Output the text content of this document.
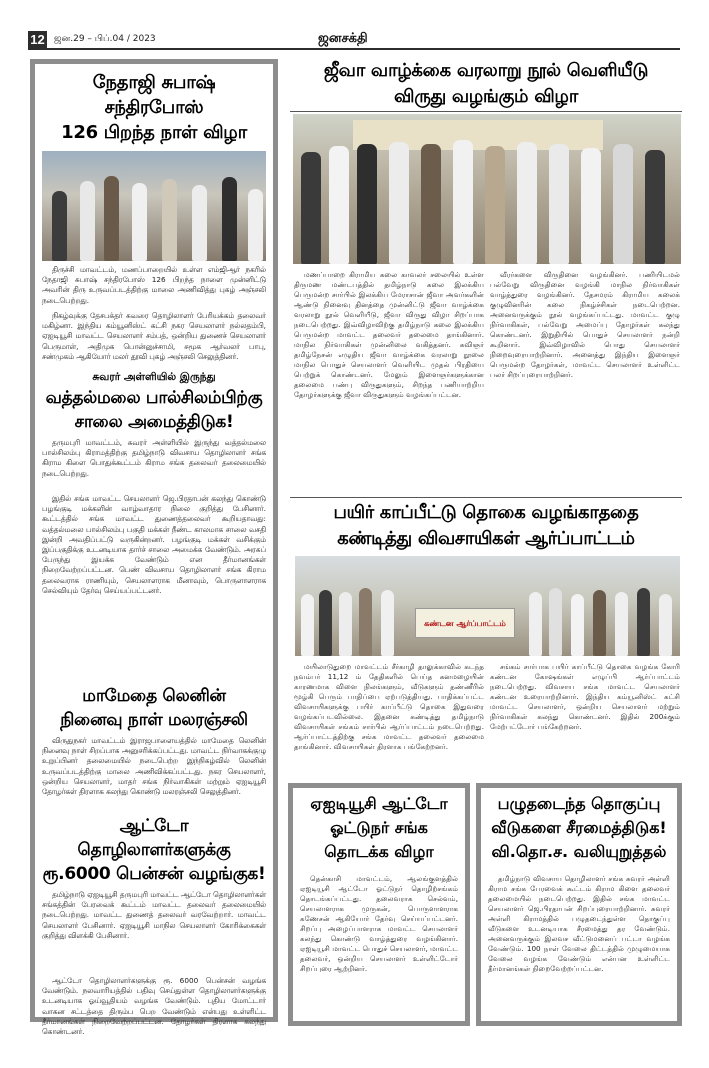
12 ஜன.29 – பிப்.04 / 2023	ஜனசக்தி
நேதாஜி சுபாஷ் சந்திரபோஸ்
126 பிறந்த நாள் விழா
திருச்சி மாவட்டம், மணப்பாறையில் உள்ள எம்ஜிஆர் நகரில் நேதாஜி சுபாஷ் சந்திரபோஸ் 126 பிறந்த நாளை முன்னிட்டு அவரின் திரு உருவப்படத்திற்கு மாலை அணிவித்து புகழ் அஞ்சலி நடைபெற்றது.
நிகழ்வுக்கு தேசபக்தர் சுவரை தொழிலாளர் பேரியக்கம் தலைவர் மகிழ்னா. இந்திய கம்யூனிஸ்ட் கட்சி நகர செயலாளர் நல்லதம்பி, ஏஐடியூசி மாவட்ட செயலாளர் சம்பத், ஒன்றிய துணைச் செயலாளர் பெருமாள், அதிமுக பொன்னுச்சாமி, சமூக ஆர்வலர் பாபு, சண்முகம் ஆகியோர் மலர் தூவி புகழ் அஞ்சலி செலுத்தினர்.
சுவரர் அள்ளியில் இருந்து
வத்தல்மலை பால்சிலம்பிற்கு
சாலை அமைத்திடுக!
தருமபுரி மாவட்டம், சுவரர் அள்ளியில் இருந்து வத்தல்மலை பால்சிலம்பு கிராமத்திற்கு தமிழ்நாடு விவசாய தொழிலாளர் சங்க கிராம கிளை பொதுக்கூட்டம் கிராம சங்க தலைவர் தலைமையில் நடைபெற்றது.
இதில் சங்க மாவட்ட செயலாளர் ஜெ.பிரதாபன் கலந்து கொண்டு பழங்குடி மக்களின் வாழ்வாதார நிலை குறித்து பேசினார். கூட்டத்தில் சங்க மாவட்ட துணைத்தலைவர் கூறியதாவது: வத்தல்மலை பால்சிலம்பு பகுதி மக்கள் நீண்ட காலமாக சாலை வசதி இன்றி அவதிப்பட்டு வருகின்றனர். பழங்குடி மக்கள் வசிக்கும் இப்பகுதிக்கு உடனடியாக தார்ச் சாலை அமைக்க வேண்டும். அரசுப் பேருந்து இயக்க வேண்டும் என தீர்மானங்கள் நிறைவேற்றப்பட்டன. பெண் விவசாய தொழிலாளர் சங்க கிராம தலைவராக ராணியும், செயலாளராக மீனாவும், பொருளாளராக செல்வியும் தேர்வு செய்யப்பட்டனர்.
மாமேதை லெனின்
நினைவு நாள் மலரஞ்சலி
விருதுநகர் மாவட்டம் இராஜபாளையத்தில் மாமேதை லெனின் நினைவு நாள் சிறப்பாக அனுசரிக்கப்பட்டது. மாவட்ட நிர்வாகக்குழு உறுப்பினர் தலைமையில் நடைபெற்ற இந்நிகழ்வில் லெனின் உருவப்படத்திற்கு மாலை அணிவிக்கப்பட்டது. நகர செயலாளர், ஒன்றிய செயலாளர், மாதர் சங்க நிர்வாகிகள் மற்றும் ஏஐடியூசி தோழர்கள் திரளாக கலந்து கொண்டு மலரஞ்சலி செலுத்தினர்.
ஆட்டோ தொழிலாளர்களுக்கு
ரூ.6000 பென்சன் வழங்குக!
தமிழ்நாடு ஏஐடியூசி தருமபுரி மாவட்ட ஆட்டோ தொழிலாளர்கள் சங்கத்தின் பேரவைக் கூட்டம் மாவட்ட தலைவர் தலைமையில் நடைபெற்றது. மாவட்ட துணைத் தலைவர் வரவேற்றார். மாவட்ட செயலாளர் பேசினார். ஏஐடியூசி மாநில செயலாளர் கோரிக்கைகள் குறித்து விளக்கி பேசினார்.
ஆட்டோ தொழிலாளர்களுக்கு ரூ. 6000 பென்சன் வழங்க வேண்டும். நலவாரியத்தில் பதிவு செய்துள்ள தொழிலாளர்களுக்கு உடனடியாக ஓய்வூதியம் வழங்க வேண்டும். புதிய மோட்டார் வாகன சட்டத்தை திரும்ப பெற வேண்டும் என்பது உள்ளிட்ட தீர்மானங்கள் நிறைவேற்றப்பட்டன. தோழர்கள் திரளாக கலந்து கொண்டனர்.
ஜீவா வாழ்க்கை வரலாறு நூல் வெளியீடு
விருது வழங்கும் விழா
மணப்பாறை கிராமிய கலை காவலர் சலையில் உள்ள திருமண மண்டபத்தில் தமிழ்நாடு கலை இலக்கிய பெருமன்ற சார்பில் இலக்கிய மேராசான் ஜீவா அவர்களின் ஆண்டு நினைவு தினத்தை முன்னிட்டு ஜீவா வாழ்க்கை வரலாறு நூல் வெளியீடு, ஜீவா விருது விழா சிறப்பாக நடைபெற்றது. இவ்விழாவிற்கு தமிழ்நாடு கலை இலக்கிய பெருமன்ற மாவட்ட தலைவர் தலைமை தாங்கினார். மாநில நிர்வாகிகள் முன்னிலை வகித்தனர். கவிஞர் தமிழ்நேசன் எழுதிய ஜீவா வாழ்க்கை வரலாறு நூலை மாநில பொதுச் செயலாளர் வெளியிட முதல் பிரதியை பெற்றுக் கொண்டனர். மேலும் இளைஞர்களுக்கான தலைமை பண்பு விருதுகளும், சிறந்த பணியாற்றிய தோழர்களுக்கு ஜீவா விருதுகளும் வழங்கப்பட்டன.
வீரர்களை விருதினை வழங்கினர். பணியிடமல் பல்வேறு விருதினை வழங்கி மாநில நிர்வாகிகள் வாழ்த்துரை வழங்கினர். தேசமரம் கிராமிய கலைக் குழுவினரின் கலை நிகழ்ச்சிகள் நடைபெற்றன. அனைவருக்கும் நூல் வழங்கப்பட்டது. மாவட்ட குழு நிர்வாகிகள், பல்வேறு அமைப்பு தோழர்கள் கலந்து கொண்டனர். இறுதியில் பொதுச் செயலாளர் நன்றி கூறினார். இவ்விழாவில் பொது செயலாளர் நிறைவுரையாற்றினார். அனைத்து இந்திய இளைஞர் பெருமன்ற தோழர்கள், மாவட்ட செயலாளர் உள்ளிட்ட பலர் சிறப்புரையாற்றினர்.
பயிர் காப்பீட்டு தொகை வழங்காததை
கண்டித்து விவசாயிகள் ஆர்ப்பாட்டம்
கண்டன ஆர்ப்பாட்டம்
மயிலாடுதுறை மாவட்டம் சீர்காழி தாலுக்காவில் கடந்த நவம்பர் 11,12 ம் தேதிகளில் பெய்த கனமழையின் காரணமாக விளை நிலங்களும், வீடுகளும் தண்ணீரில் மூழ்கி பெரும் பாதிப்பை ஏற்படுத்தியது. பாதிக்கப்பட்ட விவசாயிகளுக்கு பயிர் காப்பீட்டு தொகை இதுவரை வழங்கப்படவில்லை. இதனை கண்டித்து தமிழ்நாடு விவசாயிகள் சங்கம் சார்பில் ஆர்ப்பாட்டம் நடைபெற்றது. ஆர்ப்பாட்டத்திற்கு சங்க மாவட்ட தலைவர் தலைமை தாங்கினார். விவசாயிகள் திரளாக பங்கேற்றனர்.
சங்கம் சார்பாக பயிர் காப்பீட்டு தொகை வழங்க கோரி கண்டன கோஷங்கள் எழுப்பி ஆர்ப்பாட்டம் நடைபெற்றது. விவசாய சங்க மாவட்ட செயலாளர் கண்டன உரையாற்றினார். இந்திய கம்யூனிஸ்ட் கட்சி மாவட்ட செயலாளர், ஒன்றிய செயலாளர் மற்றும் நிர்வாகிகள் கலந்து கொண்டனர். இதில் 200க்கும் மேற்பட்டோர் பங்கேற்றனர்.
ஏஐடியூசி ஆட்டோ
ஓட்டுநர் சங்க
தொடக்க விழா
தென்காசி மாவட்டம், ஆலங்குளத்தில் ஏஐடியூசி ஆட்டோ ஓட்டுநர் தொழிற்சங்கம் தொடங்கப்பட்டது. தலைவராக செல்வம், செயலாளராக முருகன், பொருளாளராக கணேசன் ஆகியோர் தேர்வு செய்யப்பட்டனர். சிறப்பு அழைப்பாளராக மாவட்ட செயலாளர் கலந்து கொண்டு வாழ்த்துரை வழங்கினார். ஏஐடியூசி மாவட்ட பொதுச் செயலாளர், மாவட்ட தலைவர், ஒன்றிய செயலாளர் உள்ளிட்டோர் சிறப்புரை ஆற்றினர்.
பழுதடைந்த தொகுப்பு
வீடுகளை சீரமைத்திடுக!
வி.தொ.ச. வலியுறுத்தல்
தமிழ்நாடு விவசாய தொழிலாளர் சங்க சுவரர் அள்ளி கிராம சங்க பேரவைக் கூட்டம் கிராம கிளை தலைவர் தலைமையில் நடைபெற்றது. இதில் சங்க மாவட்ட செயலாளர் ஜெ.பிரதாபன் சிறப்புரையாற்றினார். சுவரர் அள்ளி கிராமத்தில் பழுதடைந்துள்ள தொகுப்பு வீடுகளை உடனடியாக சீரமைத்து தர வேண்டும். அனைவருக்கும் இலவச வீட்டுமனைப் பட்டா வழங்க வேண்டும். 100 நாள் வேலை திட்டத்தில் முழுமையாக வேலை வழங்க வேண்டும் என்பன உள்ளிட்ட தீர்மானங்கள் நிறைவேற்றப்பட்டன.
